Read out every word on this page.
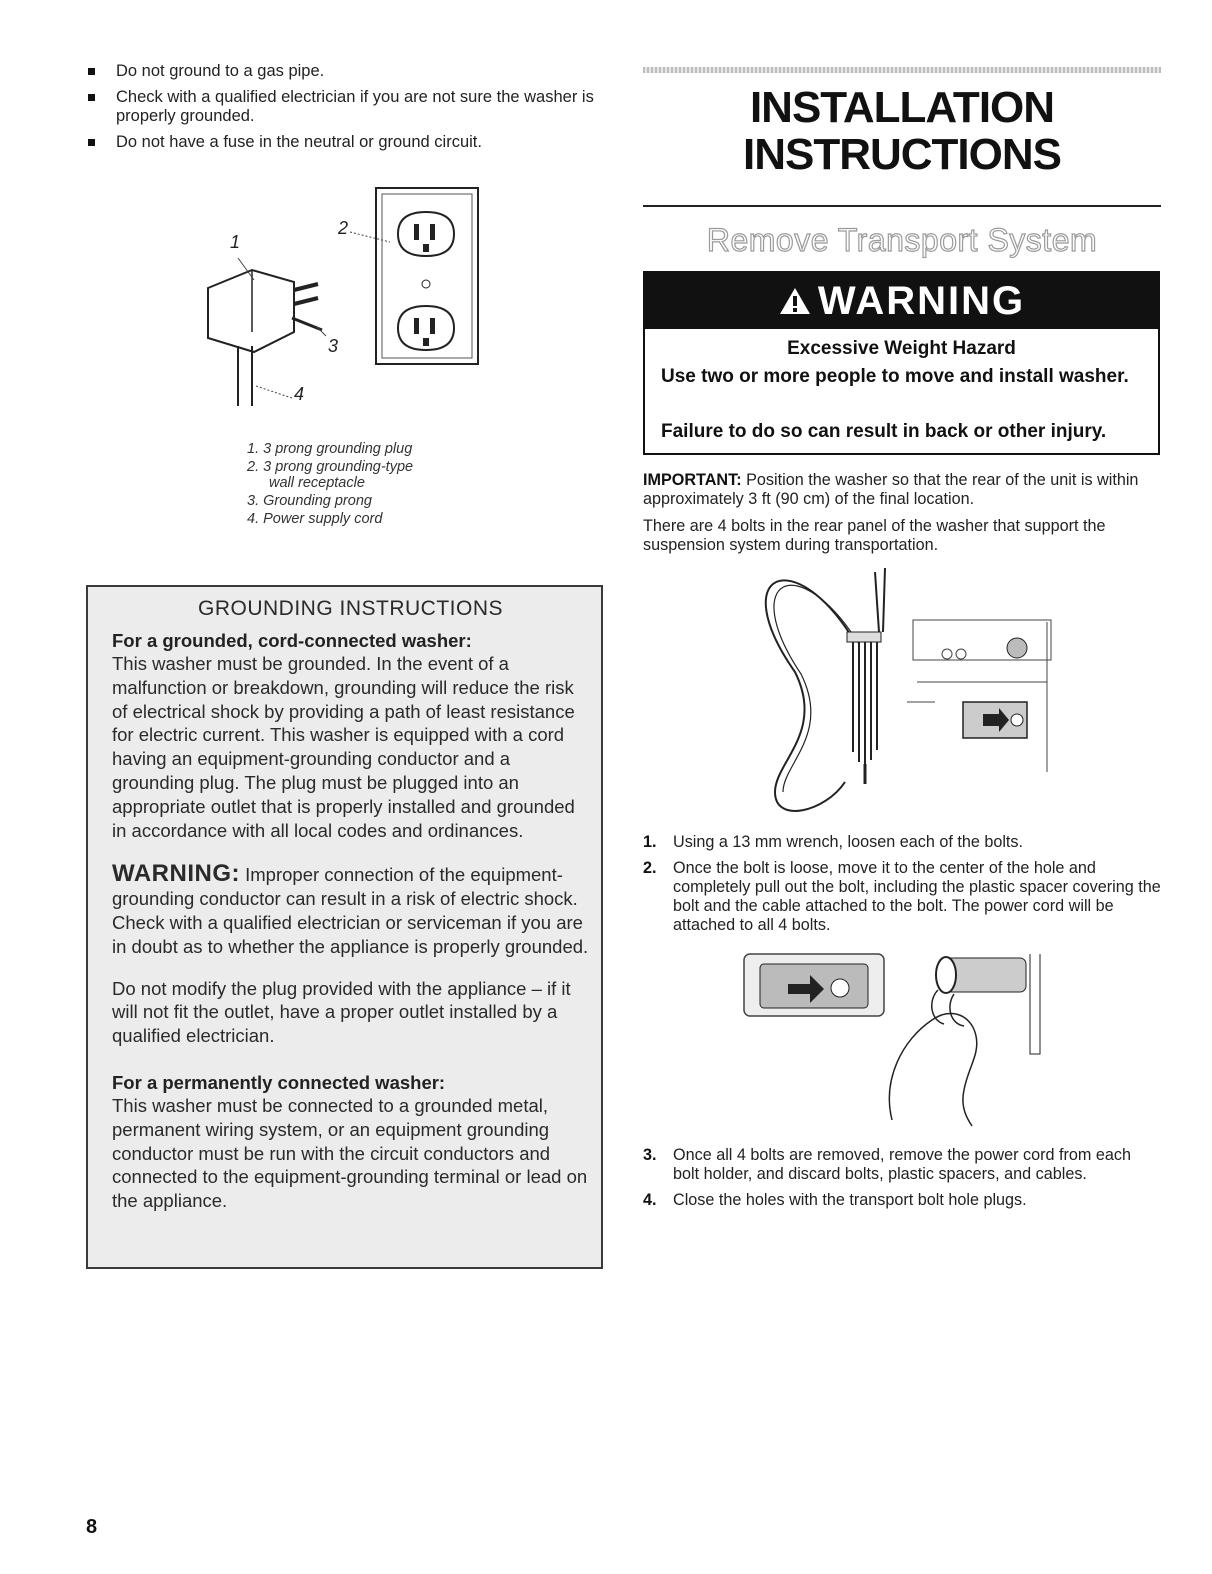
Do not ground to a gas pipe.
Check with a qualified electrician if you are not sure the washer is properly grounded.
Do not have a fuse in the neutral or ground circuit.
1
2
3
4
1. 3 prong grounding plug
2. 3 prong grounding-type
wall receptacle
3. Grounding prong
4. Power supply cord
GROUNDING INSTRUCTIONS
For a grounded, cord-connected washer:

This washer must be grounded. In the event of a malfunction or breakdown, grounding will reduce the risk of electrical shock by providing a path of least resistance for electric current. This washer is equipped with a cord having an equipment-grounding conductor and a grounding plug. The plug must be plugged into an appropriate outlet that is properly installed and grounded in accordance with all local codes and ordinances.

WARNING: Improper connection of the equipment-grounding conductor can result in a risk of electric shock. Check with a qualified electrician or serviceman if you are in doubt as to whether the appliance is properly grounded.

Do not modify the plug provided with the appliance – if it will not fit the outlet, have a proper outlet installed by a qualified electrician.

For a permanently connected washer:

This washer must be connected to a grounded metal, permanent wiring system, or an equipment grounding conductor must be run with the circuit conductors and connected to the equipment-grounding terminal or lead on the appliance.

8
INSTALLATION
INSTRUCTIONS
Remove Transport System
WARNING
Excessive Weight Hazard
Use two or more people to move and install washer.
Failure to do so can result in back or other injury.

IMPORTANT: Position the washer so that the rear of the unit is within approximately 3 ft (90 cm) of the final location.

There are 4 bolts in the rear panel of the washer that support the suspension system during transportation.

1. Using a 13 mm wrench, loosen each of the bolts.
2. Once the bolt is loose, move it to the center of the hole and completely pull out the bolt, including the plastic spacer covering the bolt and the cable attached to the bolt. The power cord will be attached to all 4 bolts.
3. Once all 4 bolts are removed, remove the power cord from each bolt holder, and discard bolts, plastic spacers, and cables.
4. Close the holes with the transport bolt hole plugs.
